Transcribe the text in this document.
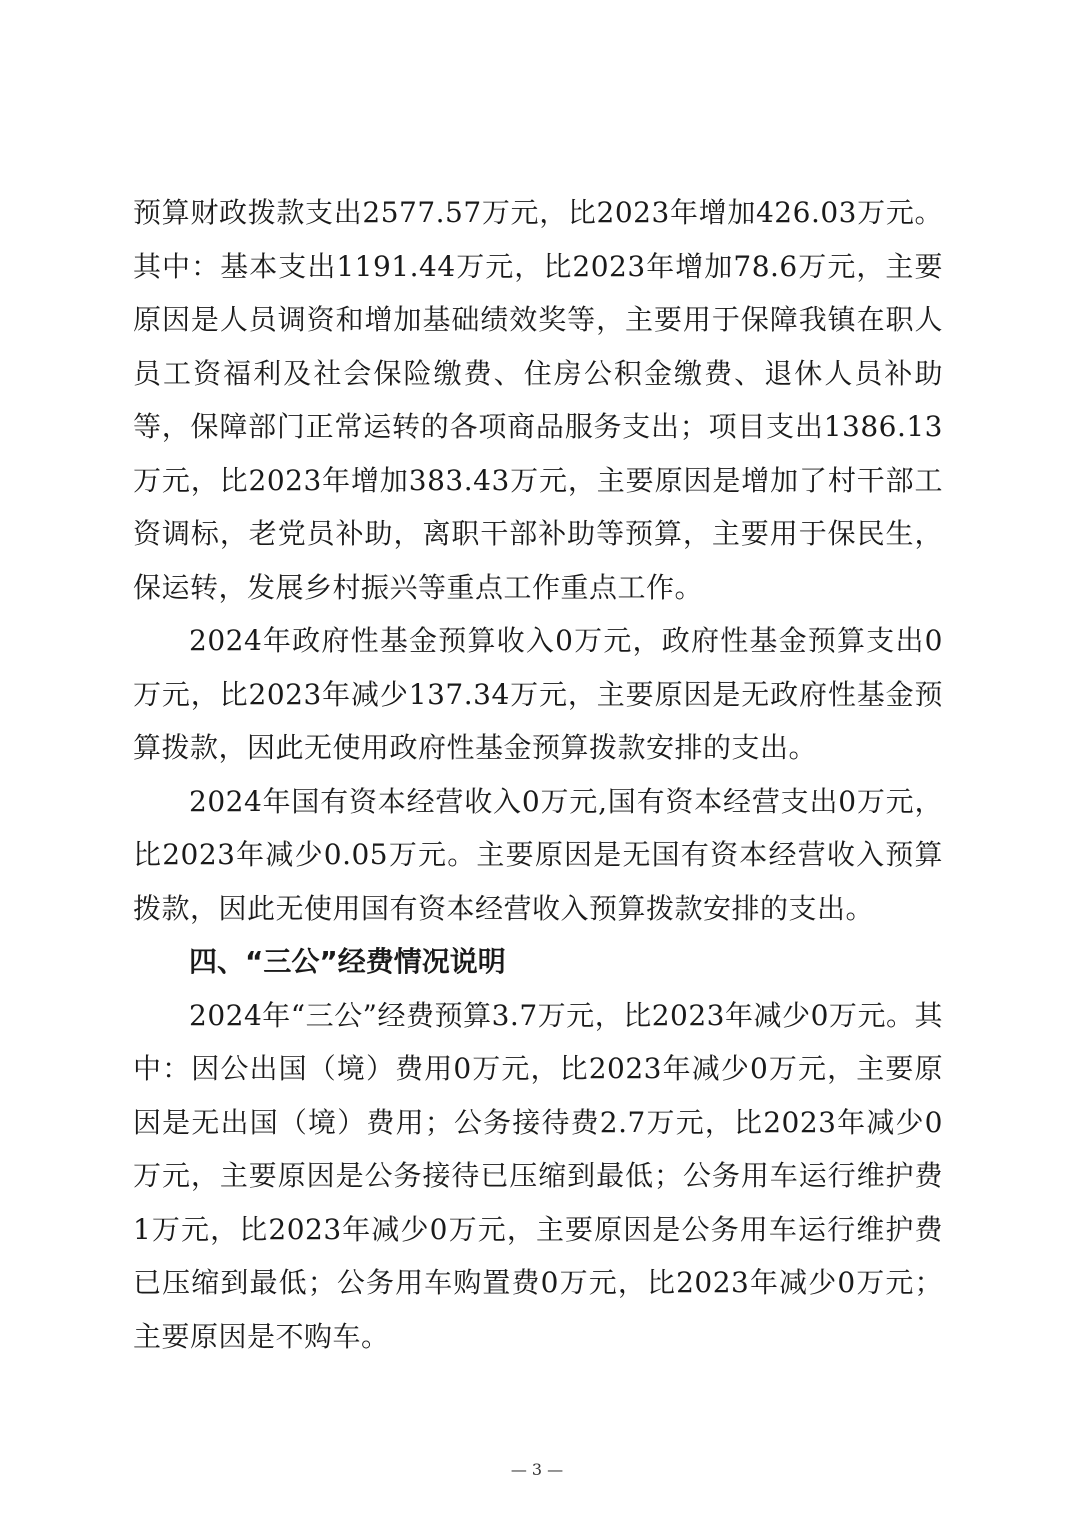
预算财政拨款支出2577.57万元，比2023年增加426.03万元。其中：基本支出1191.44万元，比2023年增加78.6万元，主要原因是人员调资和增加基础绩效奖等，主要用于保障我镇在职人员工资福利及社会保险缴费、住房公积金缴费、退休人员补助等，保障部门正常运转的各项商品服务支出；项目支出1386.13万元，比2023年增加383.43万元，主要原因是增加了村干部工资调标，老党员补助，离职干部补助等预算，主要用于保民生，保运转，发展乡村振兴等重点工作重点工作。

2024年政府性基金预算收入0万元，政府性基金预算支出0万元，比2023年减少137.34万元，主要原因是无政府性基金预算拨款，因此无使用政府性基金预算拨款安排的支出。

2024年国有资本经营收入0万元,国有资本经营支出0万元，比2023年减少0.05万元。主要原因是无国有资本经营收入预算拨款，因此无使用国有资本经营收入预算拨款安排的支出。

四、“三公”经费情况说明

2024年“三公”经费预算3.7万元，比2023年减少0万元。其中：因公出国（境）费用0万元，比2023年减少0万元，主要原因是无出国（境）费用；公务接待费2.7万元，比2023年减少0万元，主要原因是公务接待已压缩到最低；公务用车运行维护费1万元，比2023年减少0万元，主要原因是公务用车运行维护费已压缩到最低；公务用车购置费0万元，比2023年减少0万元；主要原因是不购车。

— 3 —
